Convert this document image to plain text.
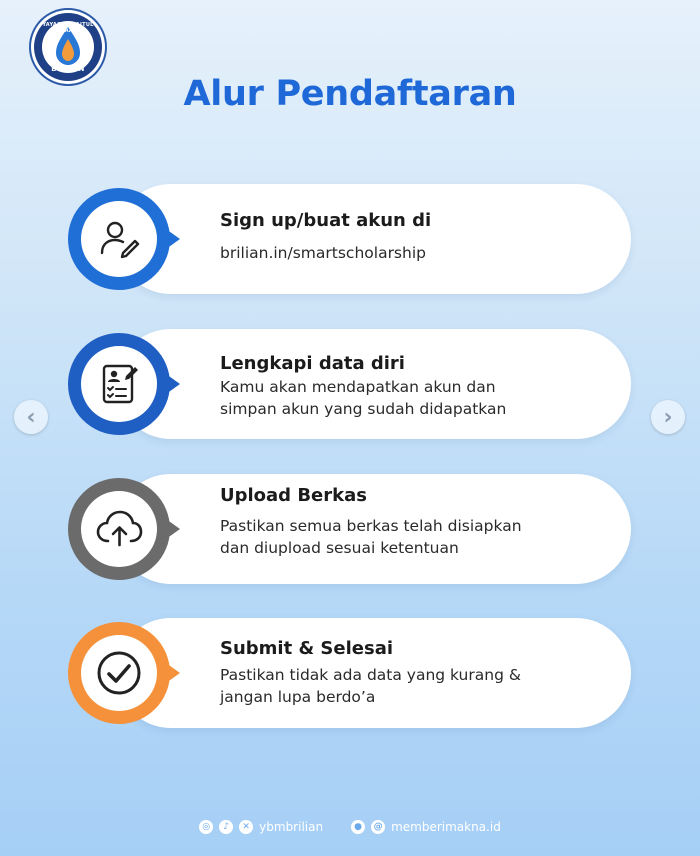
YAYASAN BAITUL MAAL
BRILiaN
Alur Pendaftaran
‹	›
Sign up/buat akun di
brilian.in/smartscholarship
Lengkapi data diri
Kamu akan mendapatkan akun dan
simpan akun yang sudah didapatkan
Upload Berkas
Pastikan semua berkas telah disiapkan
dan diupload sesuai ketentuan
Submit & Selesai
Pastikan tidak ada data yang kurang &
jangan lupa berdo’a
◎	♪	✕ ybmbrilian	●	@ memberimakna.id
